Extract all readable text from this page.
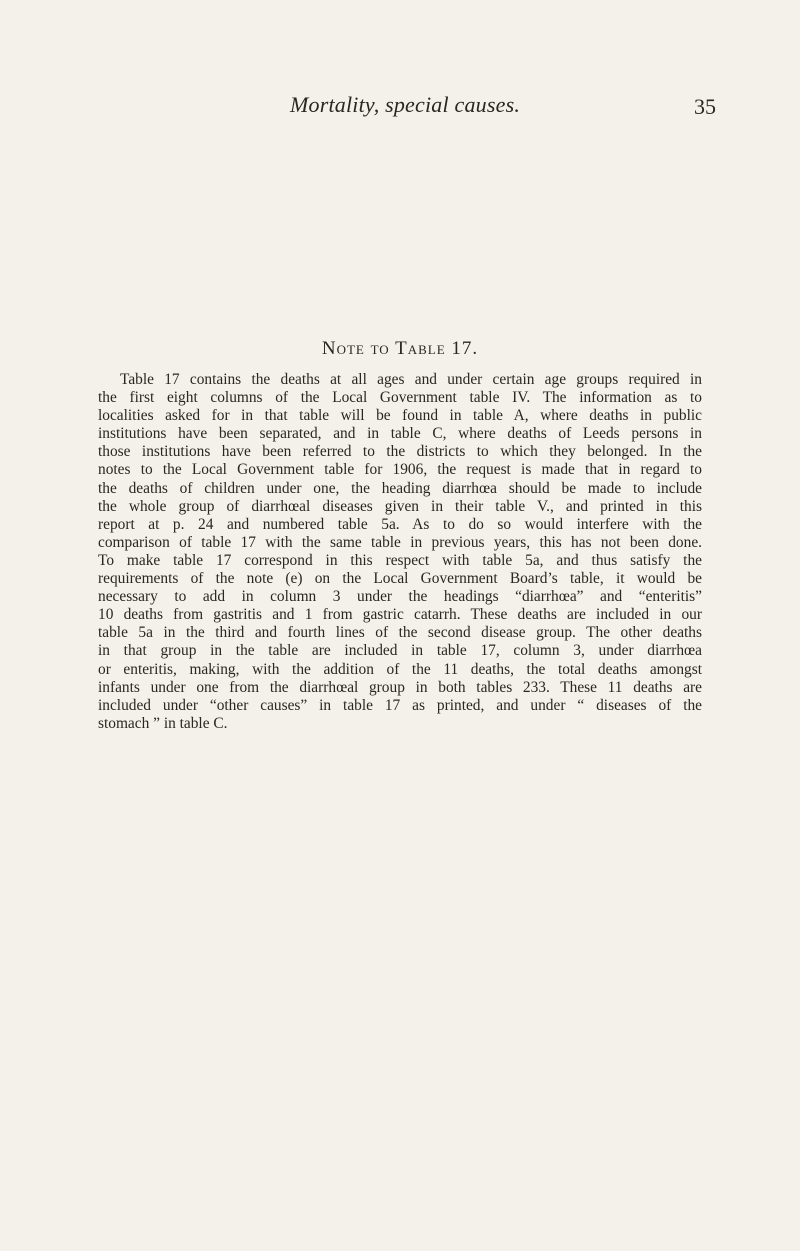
Mortality, special causes.	35
Note to Table 17.

Table 17 contains the deaths at all ages and under certain age groups required in
the first eight columns of the Local Government table IV. The information as to
localities asked for in that table will be found in table A, where deaths in public
institutions have been separated, and in table C, where deaths of Leeds persons in
those institutions have been referred to the districts to which they belonged. In the
notes to the Local Government table for 1906, the request is made that in regard to
the deaths of children under one, the heading diarrhœa should be made to include
the whole group of diarrhœal diseases given in their table V., and printed in this
report at p. 24 and numbered table 5a. As to do so would interfere with the
comparison of table 17 with the same table in previous years, this has not been done.
To make table 17 correspond in this respect with table 5a, and thus satisfy the
requirements of the note (e) on the Local Government Board’s table, it would be
necessary to add in column 3 under the headings “diarrhœa” and “enteritis”
10 deaths from gastritis and 1 from gastric catarrh. These deaths are included in our
table 5a in the third and fourth lines of the second disease group. The other deaths
in that group in the table are included in table 17, column 3, under diarrhœa
or enteritis, making, with the addition of the 11 deaths, the total deaths amongst
infants under one from the diarrhœal group in both tables 233. These 11 deaths are
included under “other causes” in table 17 as printed, and under “ diseases of the
stomach ” in table C.
